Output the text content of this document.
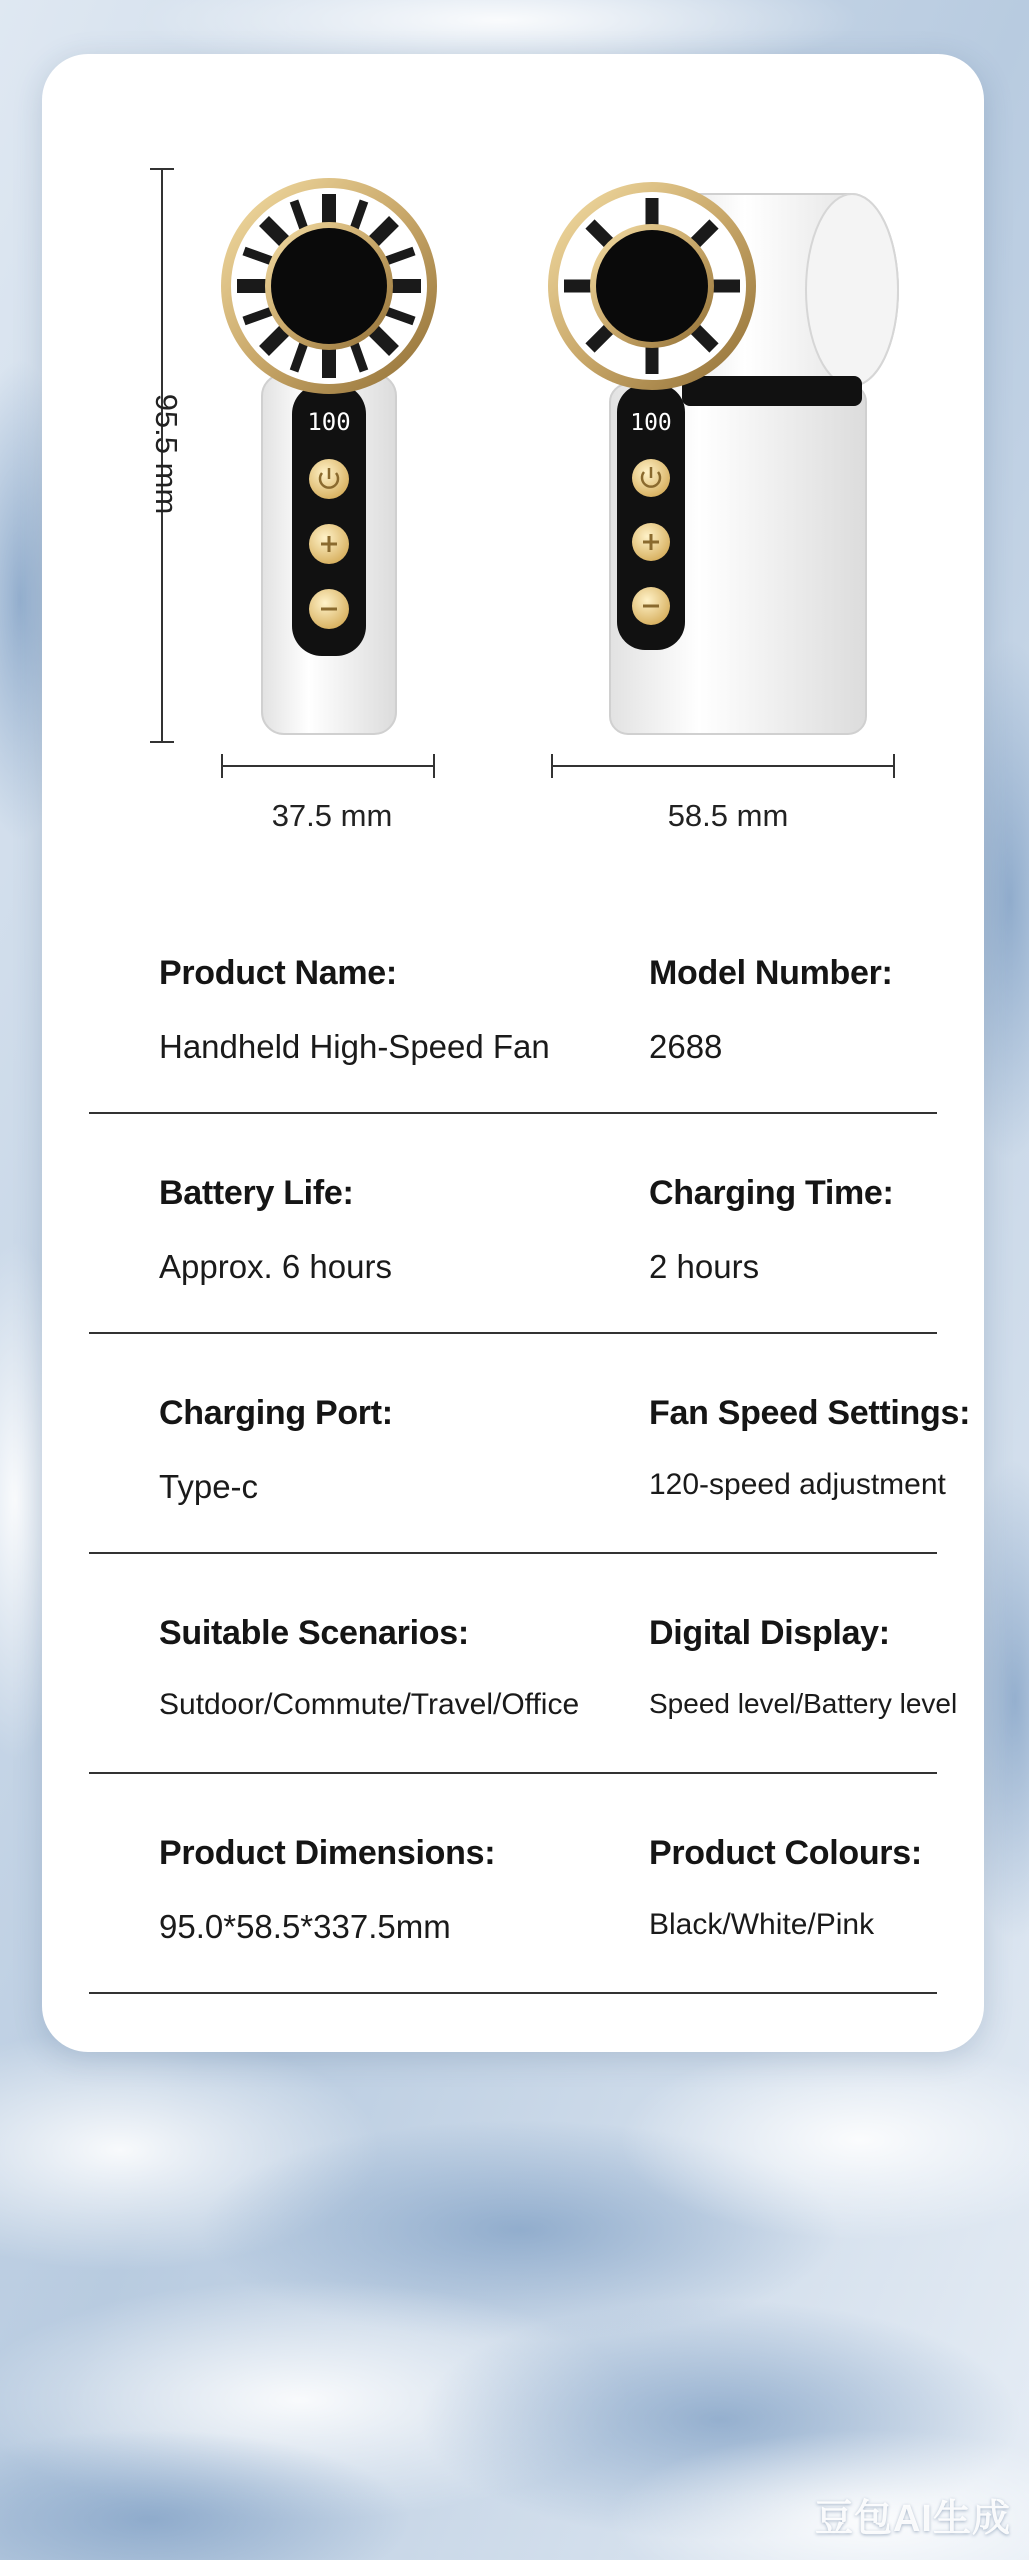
100	100
95.5 mm
37.5 mm	58.5 mm
Product Name:
Handheld High-Speed Fan
Model Number:
2688
Battery Life:
Approx. 6 hours
Charging Time:
2 hours
Charging Port:
Type-c
Fan Speed Settings:
120-speed adjustment
Suitable Scenarios:
Sutdoor/Commute/Travel/Office
Digital Display:
Speed level/Battery level
Product Dimensions:
95.0*58.5*337.5mm
Product Colours:
Black/White/Pink
豆包AI生成
